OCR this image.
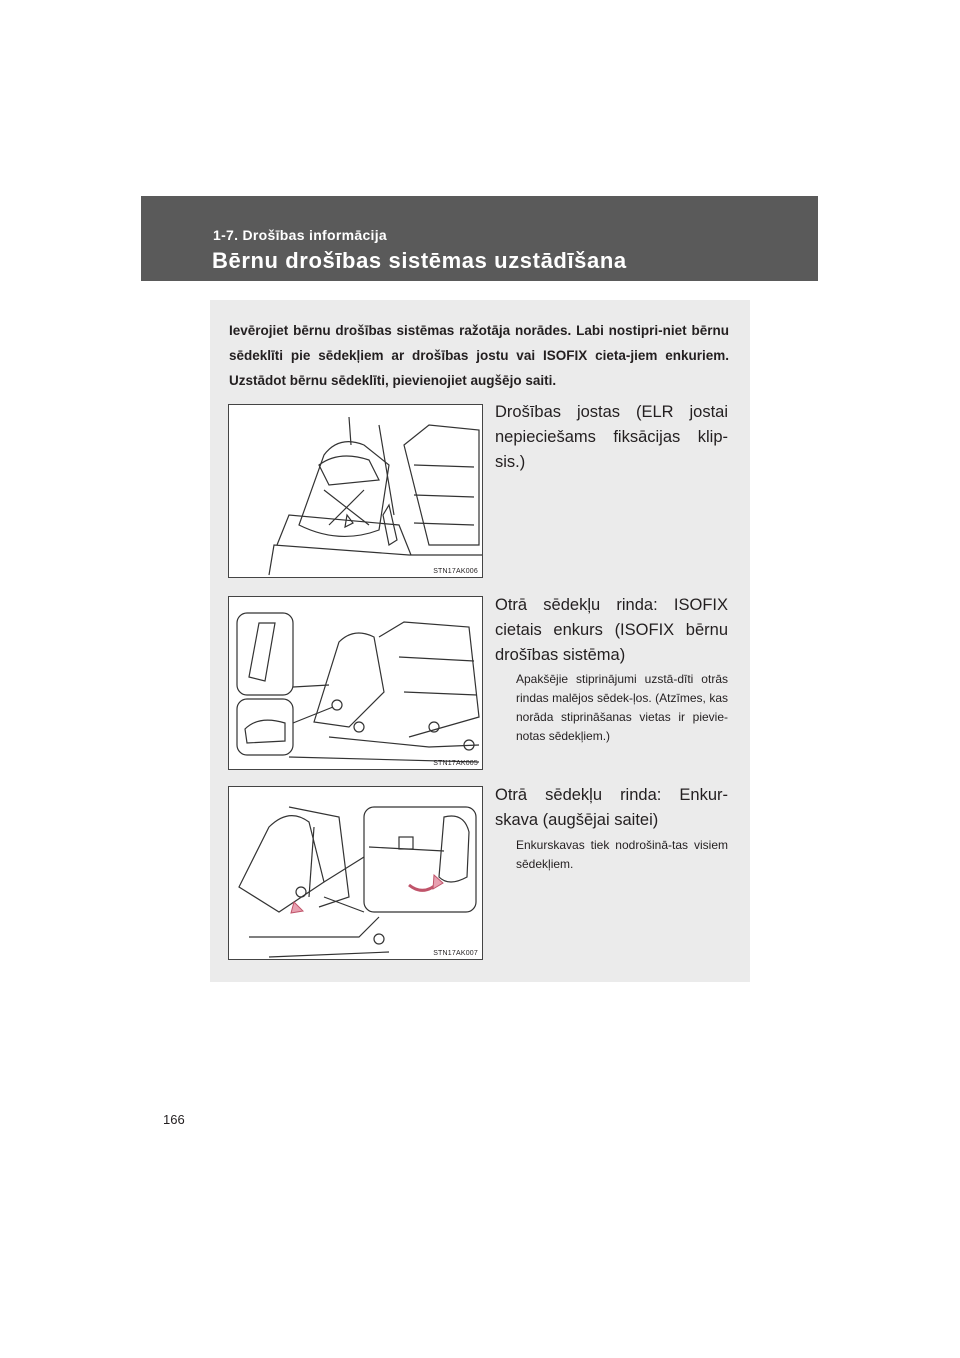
1-7. Drošības informācija
Bērnu drošības sistēmas uzstādīšana
Ievērojiet bērnu drošības sistēmas ražotāja norādes. Labi nostipri-niet bērnu sēdeklīti pie sēdekļiem ar drošības jostu vai ISOFIX cieta-jiem enkuriem. Uzstādot bērnu sēdeklīti, pievienojiet augšējo saiti.
STN17AK006
STN17AK005
STN17AK007
Drošības jostas (ELR jostai nepieciešams fiksācijas klip-sis.)
Otrā sēdekļu rinda: ISOFIX cietais enkurs (ISOFIX bērnu drošības sistēma)
Apakšējie stiprinājumi uzstā-dīti otrās rindas malējos sēdek-ļos. (Atzīmes, kas norāda stiprināšanas vietas ir pievie-notas sēdekļiem.)
Otrā sēdekļu rinda: Enkur-skava (augšējai saitei)
Enkurskavas tiek nodrošinā-tas visiem sēdekļiem.
166
